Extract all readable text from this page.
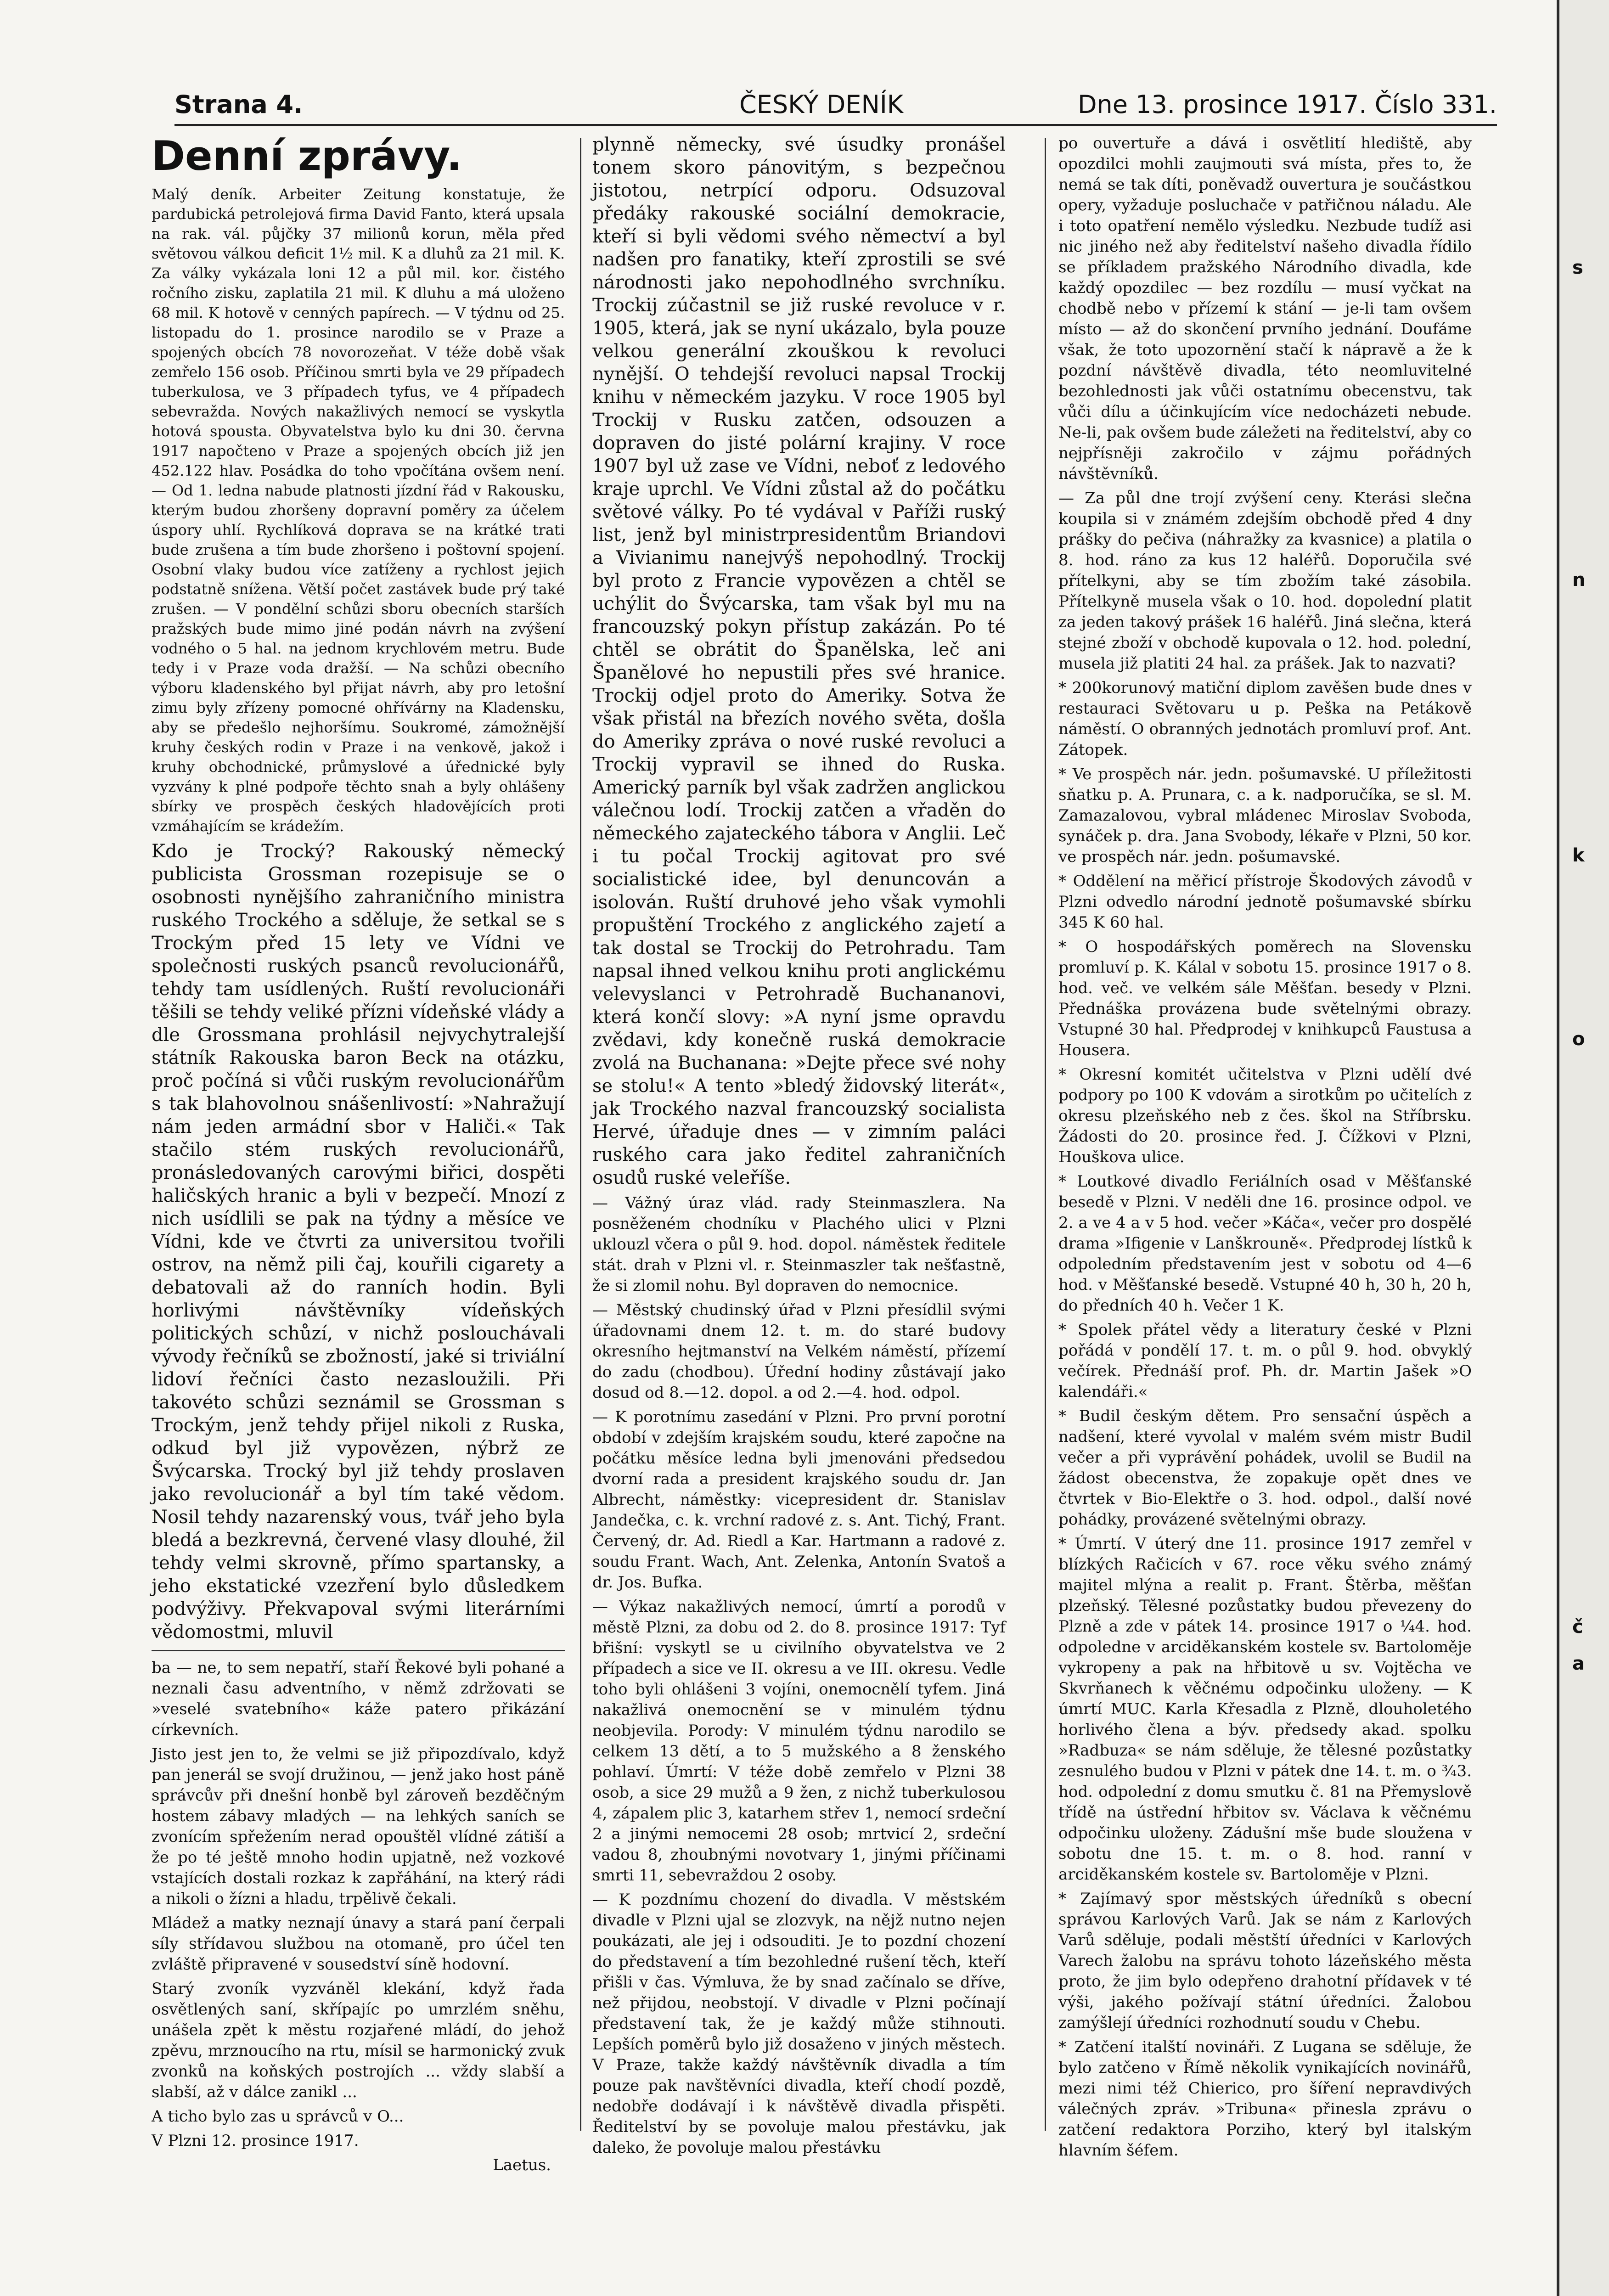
Strana 4.	ČESKÝ DENÍK	Dne 13. prosince 1917. Číslo 331.
Denní zprávy.

Malý deník. Arbeiter Zeitung konstatuje, že pardubická petrolejová firma David Fanto, která upsala na rak. vál. půjčky 37 milionů korun, měla před světovou válkou deficit 1½ mil. K a dluhů za 21 mil. K. Za války vykázala loni 12 a půl mil. kor. čistého ročního zisku, zaplatila 21 mil. K dluhu a má uloženo 68 mil. K hotově v cenných papírech. — V týdnu od 25. listopadu do 1. prosince narodilo se v Praze a spojených obcích 78 novorozeňat. V téže době však zemřelo 156 osob. Příčinou smrti byla ve 29 případech tuberkulosa, ve 3 případech tyfus, ve 4 případech sebevražda. Nových nakažlivých nemocí se vyskytla hotová spousta. Obyvatelstva bylo ku dni 30. června 1917 napočteno v Praze a spojených obcích již jen 452.122 hlav. Posádka do toho vpočítána ovšem není. — Od 1. ledna nabude platnosti jízdní řád v Rakousku, kterým budou zhoršeny dopravní poměry za účelem úspory uhlí. Rychlíková doprava se na krátké trati bude zrušena a tím bude zhoršeno i poštovní spojení. Osobní vlaky budou více zatíženy a rychlost jejich podstatně snížena. Větší počet zastávek bude prý také zrušen. — V pondělní schůzi sboru obecních starších pražských bude mimo jiné podán návrh na zvýšení vodného o 5 hal. na jednom krychlovém metru. Bude tedy i v Praze voda dražší. — Na schůzi obecního výboru kladenského byl přijat návrh, aby pro letošní zimu byly zřízeny pomocné ohřívárny na Kladensku, aby se předešlo nejhoršímu. Soukromé, zámožnější kruhy českých rodin v Praze i na venkově, jakož i kruhy obchodnické, průmyslové a úřednické byly vyzvány k plné podpoře těchto snah a byly ohlášeny sbírky ve prospěch českých hladovějících proti vzmáhajícím se krádežím.

Kdo je Trocký? Rakouský německý publicista Grossman rozepisuje se o osobnosti nynějšího zahraničního ministra ruského Trockého a sděluje, že setkal se s Trockým před 15 lety ve Vídni ve společnosti ruských psanců revolucionářů, tehdy tam usídlených. Ruští revolucionáři těšili se tehdy veliké přízni vídeňské vlády a dle Grossmana prohlásil nejvychytralejší státník Rakouska baron Beck na otázku, proč počíná si vůči ruským revolucionářům s tak blahovolnou snášenlivostí: »Nahražují nám jeden armádní sbor v Haliči.« Tak stačilo stém ruských revolucionářů, pronásledovaných carovými biřici, dospěti haličských hranic a byli v bezpečí. Mnozí z nich usídlili se pak na týdny a měsíce ve Vídni, kde ve čtvrti za universitou tvořili ostrov, na němž pili čaj, kouřili cigarety a debatovali až do ranních hodin. Byli horlivými návštěvníky vídeňských politických schůzí, v nichž poslouchávali vývody řečníků se zbožností, jaké si triviální lidoví řečníci často nezasloužili. Při takovéto schůzi seznámil se Grossman s Trockým, jenž tehdy přijel nikoli z Ruska, odkud byl již vypovězen, nýbrž ze Švýcarska. Trocký byl již tehdy proslaven jako revolucionář a byl tím také vědom. Nosil tehdy nazarenský vous, tvář jeho byla bledá a bezkrevná, červené vlasy dlouhé, žil tehdy velmi skrovně, přímo spartansky, a jeho ekstatické vzezření bylo důsledkem podvýživy. Překvapoval svými literárními vědomostmi, mluvil

ba — ne, to sem nepatří, staří Řekové byli pohané a neznali času adventního, v němž zdržovati se »veselé svatebního« káže patero přikázání církevních.

Jisto jest jen to, že velmi se již připozdívalo, když pan jenerál se svojí družinou, — jenž jako host páně správcův při dnešní honbě byl zároveň bezděčným hostem zábavy mladých — na lehkých saních se zvonícím spřežením nerad opouštěl vlídné zátiší a že po té ještě mnoho hodin upjatně, než vozkové vstajících dostali rozkaz k zapřáhání, na který rádi a nikoli o žízni a hladu, trpělivě čekali.

Mládež a matky neznají únavy a stará paní čerpali síly střídavou službou na otomaně, pro účel ten zvláště připravené v sousedství síně hodovní.

Starý zvoník vyzváněl klekání, když řada osvětlených saní, skřípajíc po umrzlém sněhu, unášela zpět k městu rozjařené mládí, do jehož zpěvu, mrznoucího na rtu, mísil se harmonický zvuk zvonků na koňských postrojích ... vždy slabší a slabší, až v dálce zanikl ...

A ticho bylo zas u správců v O...

V Plzni 12. prosince 1917.

Laetus.

plynně německy, své úsudky pronášel tonem skoro pánovitým, s bezpečnou jistotou, netrpící odporu. Odsuzoval předáky rakouské sociální demokracie, kteří si byli vědomi svého němectví a byl nadšen pro fanatiky, kteří zprostili se své národnosti jako nepohodlného svrchníku. Trockij zúčastnil se již ruské revoluce v r. 1905, která, jak se nyní ukázalo, byla pouze velkou generální zkouškou k revoluci nynější. O tehdejší revoluci napsal Trockij knihu v německém jazyku. V roce 1905 byl Trockij v Rusku zatčen, odsouzen a dopraven do jisté polární krajiny. V roce 1907 byl už zase ve Vídni, neboť z ledového kraje uprchl. Ve Vídni zůstal až do počátku světové války. Po té vydával v Paříži ruský list, jenž byl ministrpresidentům Briandovi a Vivianimu nanejvýš nepohodlný. Trockij byl proto z Francie vypovězen a chtěl se uchýlit do Švýcarska, tam však byl mu na francouzský pokyn přístup zakázán. Po té chtěl se obrátit do Španělska, leč ani Španělové ho nepustili přes své hranice. Trockij odjel proto do Ameriky. Sotva že však přistál na březích nového světa, došla do Ameriky zpráva o nové ruské revoluci a Trockij vypravil se ihned do Ruska. Americký parník byl však zadržen anglickou válečnou lodí. Trockij zatčen a vřaděn do německého zajateckého tábora v Anglii. Leč i tu počal Trockij agitovat pro své socialistické idee, byl denuncován a isolován. Ruští druhové jeho však vymohli propuštění Trockého z anglického zajetí a tak dostal se Trockij do Petrohradu. Tam napsal ihned velkou knihu proti anglickému velevyslanci v Petrohradě Buchananovi, která končí slovy: »A nyní jsme opravdu zvědavi, kdy konečně ruská demokracie zvolá na Buchanana: »Dejte přece své nohy se stolu!« A tento »bledý židovský literát«, jak Trockého nazval francouzský socialista Hervé, úřaduje dnes — v zimním paláci ruského cara jako ředitel zahraničních osudů ruské veleříše.

— Vážný úraz vlád. rady Steinmaszlera. Na posněženém chodníku v Plachého ulici v Plzni uklouzl včera o půl 9. hod. dopol. náměstek ředitele stát. drah v Plzni vl. r. Steinmaszler tak nešťastně, že si zlomil nohu. Byl dopraven do nemocnice.

— Městský chudinský úřad v Plzni přesídlil svými úřadovnami dnem 12. t. m. do staré budovy okresního hejtmanství na Velkém náměstí, přízemí do zadu (chodbou). Úřední hodiny zůstávají jako dosud od 8.—12. dopol. a od 2.—4. hod. odpol.

— K porotnímu zasedání v Plzni. Pro první porotní období v zdejším krajském soudu, které započne na počátku měsíce ledna byli jmenováni předsedou dvorní rada a president krajského soudu dr. Jan Albrecht, náměstky: vicepresident dr. Stanislav Jandečka, c. k. vrchní radové z. s. Ant. Tichý, Frant. Červený, dr. Ad. Riedl a Kar. Hartmann a radové z. soudu Frant. Wach, Ant. Zelenka, Antonín Svatoš a dr. Jos. Bufka.

— Výkaz nakažlivých nemocí, úmrtí a porodů v městě Plzni, za dobu od 2. do 8. prosince 1917: Tyf břišní: vyskytl se u civilního obyvatelstva ve 2 případech a sice ve II. okresu a ve III. okresu. Vedle toho byli ohlášeni 3 vojíni, onemocnělí tyfem. Jiná nakažlivá onemocnění se v minulém týdnu neobjevila. Porody: V minulém týdnu narodilo se celkem 13 dětí, a to 5 mužského a 8 ženského pohlaví. Úmrtí: V téže době zemřelo v Plzni 38 osob, a sice 29 mužů a 9 žen, z nichž tuberkulosou 4, zápalem plic 3, katarhem střev 1, nemocí srdeční 2 a jinými nemocemi 28 osob; mrtvicí 2, srdeční vadou 8, zhoubnými novotvary 1, jinými příčinami smrti 11, sebevraždou 2 osoby.

— K pozdnímu chození do divadla. V městském divadle v Plzni ujal se zlozvyk, na nějž nutno nejen poukázati, ale jej i odsouditi. Je to pozdní chození do představení a tím bezohledné rušení těch, kteří přišli v čas. Výmluva, že by snad začínalo se dříve, než přijdou, neobstojí. V divadle v Plzni počínají představení tak, že je každý může stihnouti. Lepších poměrů bylo již dosaženo v jiných městech. V Praze, takže každý návštěvník divadla a tím pouze pak navštěvníci divadla, kteří chodí pozdě, nedobře dodávají i k návštěvě divadla přispěti. Ředitelství by se povoluje malou přestávku, jak daleko, že povoluje malou přestávku

po ouvertuře a dává i osvětlití hlediště, aby opozdilci mohli zaujmouti svá místa, přes to, že nemá se tak díti, poněvadž ouvertura je součástkou opery, vyžaduje posluchače v patřičnou náladu. Ale i toto opatření nemělo výsledku. Nezbude tudíž asi nic jiného než aby ředitelství našeho divadla řídilo se příkladem pražského Národního divadla, kde každý opozdilec — bez rozdílu — musí vyčkat na chodbě nebo v přízemí k stání — je-li tam ovšem místo — až do skončení prvního jednání. Doufáme však, že toto upozornění stačí k nápravě a že k pozdní návštěvě divadla, této neomluvitelné bezohlednosti jak vůči ostatnímu obecenstvu, tak vůči dílu a účinkujícím více nedocházeti nebude. Ne-li, pak ovšem bude záležeti na ředitelství, aby co nejpřísněji zakročilo v zájmu pořádných návštěvníků.

— Za půl dne trojí zvýšení ceny. Kterási slečna koupila si v známém zdejším obchodě před 4 dny prášky do pečiva (náhražky za kvasnice) a platila o 8. hod. ráno za kus 12 haléřů. Doporučila své přítelkyni, aby se tím zbožím také zásobila. Přítelkyně musela však o 10. hod. dopolední platit za jeden takový prášek 16 haléřů. Jiná slečna, která stejné zboží v obchodě kupovala o 12. hod. polední, musela již platiti 24 hal. za prášek. Jak to nazvati?

* 200korunový matiční diplom zavěšen bude dnes v restauraci Světovaru u p. Peška na Petákově náměstí. O obranných jednotách promluví prof. Ant. Zátopek.

* Ve prospěch nár. jedn. pošumavské. U příležitosti sňatku p. A. Prunara, c. a k. nadporučíka, se sl. M. Zamazalovou, vybral mládenec Miroslav Svoboda, synáček p. dra. Jana Svobody, lékaře v Plzni, 50 kor. ve prospěch nár. jedn. pošumavské.

* Oddělení na měřicí přístroje Škodových závodů v Plzni odvedlo národní jednotě pošumavské sbírku 345 K 60 hal.

* O hospodářských poměrech na Slovensku promluví p. K. Kálal v sobotu 15. prosince 1917 o 8. hod. več. ve velkém sále Měšťan. besedy v Plzni. Přednáška provázena bude světelnými obrazy. Vstupné 30 hal. Předprodej v knihkupců Faustusa a Housera.

* Okresní komitét učitelstva v Plzni udělí dvé podpory po 100 K vdovám a sirotkům po učitelích z okresu plzeňského neb z čes. škol na Stříbrsku. Žádosti do 20. prosince řed. J. Čížkovi v Plzni, Houškova ulice.

* Loutkové divadlo Feriálních osad v Měšťanské besedě v Plzni. V neděli dne 16. prosince odpol. ve 2. a ve 4 a v 5 hod. večer »Káča«, večer pro dospělé drama »Ifigenie v Lanškrouně«. Předprodej lístků k odpoledním představením jest v sobotu od 4—6 hod. v Měšťanské besedě. Vstupné 40 h, 30 h, 20 h, do předních 40 h. Večer 1 K.

* Spolek přátel vědy a literatury české v Plzni pořádá v pondělí 17. t. m. o půl 9. hod. obvyklý večírek. Přednáší prof. Ph. dr. Martin Jašek »O kalendáři.«

* Budil českým dětem. Pro sensační úspěch a nadšení, které vyvolal v malém svém mistr Budil večer a při vyprávění pohádek, uvolil se Budil na žádost obecenstva, že zopakuje opět dnes ve čtvrtek v Bio-Elektře o 3. hod. odpol., další nové pohádky, provázené světelnými obrazy.

* Úmrtí. V úterý dne 11. prosince 1917 zemřel v blízkých Račicích v 67. roce věku svého známý majitel mlýna a realit p. Frant. Štěrba, měšťan plzeňský. Tělesné pozůstatky budou převezeny do Plzně a zde v pátek 14. prosince 1917 o ¼4. hod. odpoledne v arciděkanském kostele sv. Bartoloměje vykropeny a pak na hřbitově u sv. Vojtěcha ve Skvrňanech k věčnému odpočinku uloženy. — K úmrtí MUC. Karla Křesadla z Plzně, dlouholetého horlivého člena a býv. předsedy akad. spolku »Radbuza« se nám sděluje, že tělesné pozůstatky zesnulého budou v Plzni v pátek dne 14. t. m. o ¾3. hod. odpolední z domu smutku č. 81 na Přemyslově třídě na ústřední hřbitov sv. Václava k věčnému odpočinku uloženy. Zádušní mše bude sloužena v sobotu dne 15. t. m. o 8. hod. ranní v arciděkanském kostele sv. Bartoloměje v Plzni.

* Zajímavý spor městských úředníků s obecní správou Karlových Varů. Jak se nám z Karlových Varů sděluje, podali městští úředníci v Karlových Varech žalobu na správu tohoto lázeňského města proto, že jim bylo odepřeno drahotní přídavek v té výši, jakého požívají státní úředníci. Žalobou zamýšlejí úředníci rozhodnutí soudu v Chebu.

* Zatčení italští novináři. Z Lugana se sděluje, že bylo zatčeno v Římě několik vynikajících novinářů, mezi nimi též Chierico, pro šíření nepravdivých válečných zpráv. »Tribuna« přinesla zprávu o zatčení redaktora Porziho, který byl italským hlavním šéfem.

s
n
k
o
č
a
